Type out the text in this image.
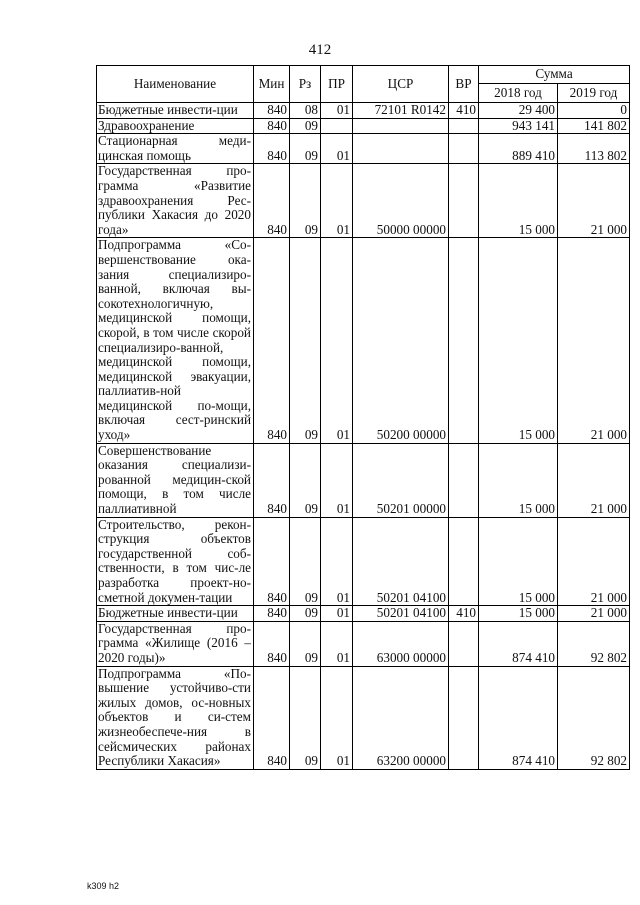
412
Наименование	Мин	Рз	ПР	ЦСР	ВР	Сумма	
						2018 год	2019 год
Бюджетные инвести-ции	840	08	01	72101 R0142	410	29 400	0
Здравоохранение	840	09				943 141	141 802
Стационарная меди-цинская помощь	840	09	01			889 410	113 802
Государственная про-грамма «Развитие здравоохранения Рес-публики Хакасия до 2020 года»	840	09	01	50000 00000		15 000	21 000
Подпрограмма «Со-вершенствование ока-зания специализиро-ванной, включая вы-сокотехнологичную, медицинской помощи, скорой, в том числе скорой специализиро-ванной, медицинской помощи, медицинской эвакуации, паллиатив-ной медицинской по-мощи, включая сест-ринский уход»	840	09	01	50200 00000		15 000	21 000
Совершенствование оказания специализи-рованной медицин-ской помощи, в том числе паллиативной	840	09	01	50201 00000		15 000	21 000
Строительство, рекон-струкция объектов государственной соб-ственности, в том чис-ле разработка проект-но-сметной докумен-тации	840	09	01	50201 04100		15 000	21 000
Бюджетные инвести-ции	840	09	01	50201 04100	410	15 000	21 000
Государственная про-грамма «Жилище (2016 – 2020 годы)»	840	09	01	63000 00000		874 410	92 802
Подпрограмма «По-вышение устойчиво-сти жилых домов, ос-новных объектов и си-стем жизнеобеспече-ния в сейсмических районах Республики Хакасия»	840	09	01	63200 00000		874 410	92 802
k309 h2
